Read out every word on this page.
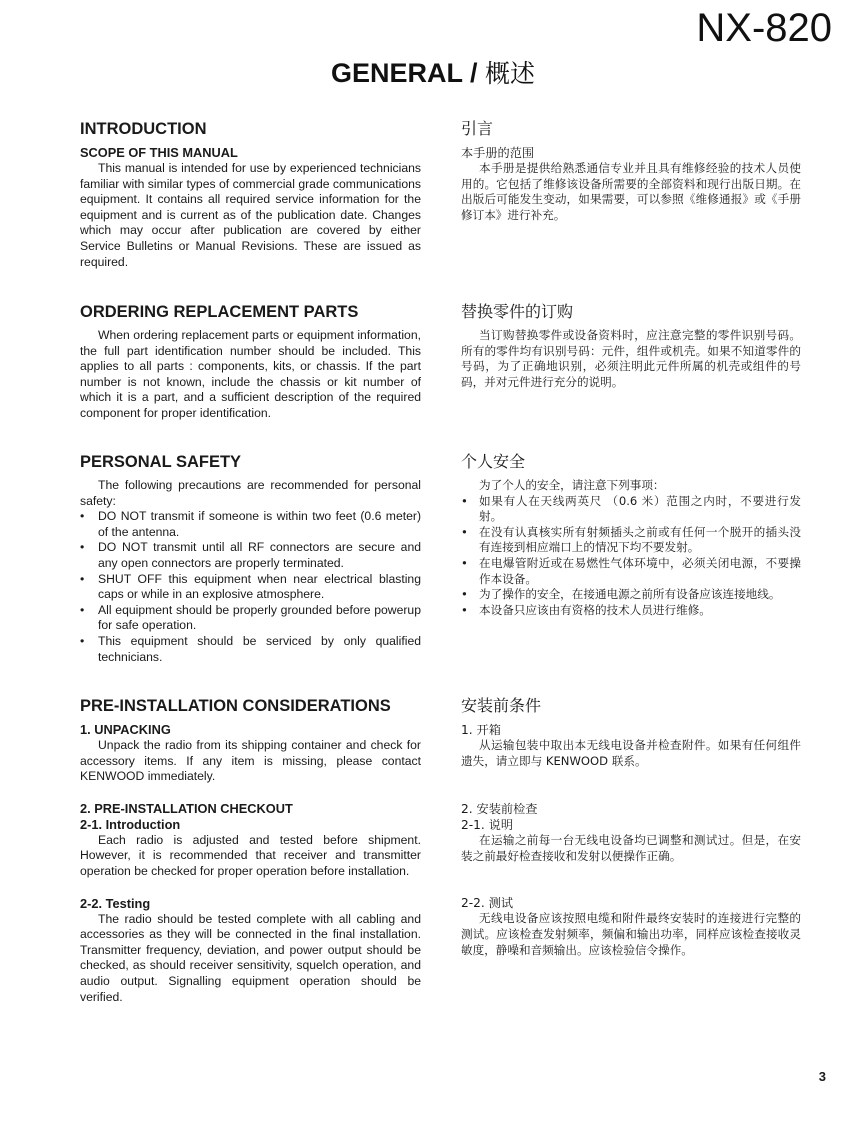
NX-820
GENERAL / 概述
INTRODUCTION
SCOPE OF THIS MANUAL

This manual is intended for use by experienced technicians familiar with similar types of commercial grade communications equipment. It contains all required service information for the equipment and is current as of the publication date. Changes which may occur after publication are covered by either Service Bulletins or Manual Revisions. These are issued as required.

引言
本手册的范围

本手册是提供给熟悉通信专业并且具有维修经验的技术人员使用的。它包括了维修该设备所需要的全部资料和现行出版日期。在出版后可能发生变动，如果需要，可以参照《维修通报》或《手册修订本》进行补充。

ORDERING REPLACEMENT PARTS

When ordering replacement parts or equipment information, the full part identification number should be included. This applies to all parts : components, kits, or chassis. If the part number is not known, include the chassis or kit number of which it is a part, and a sufficient description of the required component for proper identification.

替换零件的订购

当订购替换零件或设备资料时，应注意完整的零件识别号码。所有的零件均有识别号码：元件，组件或机壳。如果不知道零件的号码，为了正确地识别，必须注明此元件所属的机壳或组件的号码，并对元件进行充分的说明。

PERSONAL SAFETY

The following precautions are recommended for personal safety:

• DO NOT transmit if someone is within two feet (0.6 meter) of the antenna.
• DO NOT transmit until all RF connectors are secure and any open connectors are properly terminated.
• SHUT OFF this equipment when near electrical blasting caps or while in an explosive atmosphere.
• All equipment should be properly grounded before powerup for safe operation.
• This equipment should be serviced by only qualified technicians.
个人安全

为了个人的安全，请注意下列事项：

• 如果有人在天线两英尺 （0.6 米）范围之内时，不要进行发射。
• 在没有认真核实所有射频插头之前或有任何一个脱开的插头没有连接到相应端口上的情况下均不要发射。
• 在电爆管附近或在易燃性气体环境中，必须关闭电源，不要操作本设备。
• 为了操作的安全，在接通电源之前所有设备应该连接地线。
• 本设备只应该由有资格的技术人员进行维修。
PRE-INSTALLATION CONSIDERATIONS
1. UNPACKING

Unpack the radio from its shipping container and check for accessory items. If any item is missing, please contact KENWOOD immediately.

2. PRE-INSTALLATION CHECKOUT
2-1. Introduction

Each radio is adjusted and tested before shipment. However, it is recommended that receiver and transmitter operation be checked for proper operation before installation.

2-2. Testing

The radio should be tested complete with all cabling and accessories as they will be connected in the final installation. Transmitter frequency, deviation, and power output should be checked, as should receiver sensitivity, squelch operation, and audio output. Signalling equipment operation should be verified.

安装前条件
1. 开箱

从运输包装中取出本无线电设备并检查附件。如果有任何组件遗失，请立即与 KENWOOD 联系。

2. 安装前检查
2-1. 说明

在运输之前每一台无线电设备均已调整和测试过。但是，在安装之前最好检查接收和发射以便操作正确。

2-2. 测试

无线电设备应该按照电缆和附件最终安装时的连接进行完整的测试。应该检查发射频率，频偏和输出功率，同样应该检查接收灵敏度，静噪和音频输出。应该检验信令操作。

3
